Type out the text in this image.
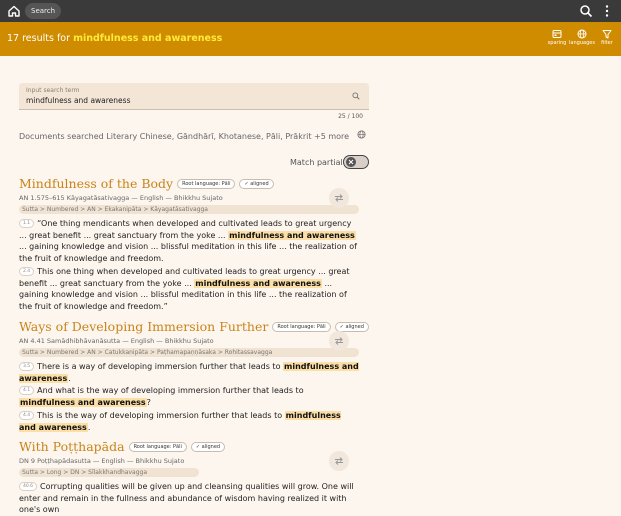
Search
17 results for mindfulness and awareness	sparing languages	filter
Input search term
mindfulness and awareness
25 / 100
Documents searched Literary Chinese, Gāndhārī, Khotanese, Pāli, Prākrit +5 more
Match partial
Mindfulness of the Body	Root language: Pāli	✓ aligned
AN 1.575–615 Kāyagatāsativagga — English — Bhikkhu Sujato
Sutta > Numbered > AN > Ekakanipāta > Kāyagatāsativagga
1.1 “One thing mendicants when developed and cultivated leads to great urgency ... great benefit ... great sanctuary from the yoke ... mindfulness and awareness ... gaining knowledge and vision ... blissful meditation in this life ... the realization of the fruit of knowledge and freedom.
2.4 This one thing when developed and cultivated leads to great urgency ... great benefit ... great sanctuary from the yoke ... mindfulness and awareness ... gaining knowledge and vision ... blissful meditation in this life ... the realization of the fruit of knowledge and freedom.”
Ways of Developing Immersion Further	Root language: Pāli	✓ aligned
AN 4.41 Samādhibhāvanāsutta — English — Bhikkhu Sujato
Sutta > Numbered > AN > Catukkanipāta > Paṭhamapaṇṇāsaka > Rohitassavagga
3.5 There is a way of developing immersion further that leads to mindfulness and awareness.
4.1 And what is the way of developing immersion further that leads to mindfulness and awareness?
4.4 This is the way of developing immersion further that leads to mindfulness and awareness.
With Poṭṭhapāda	Root language: Pāli	✓ aligned
DN 9 Poṭṭhapādasutta — English — Bhikkhu Sujato
Sutta > Long > DN > Sīlakkhandhavagga
40.6 Corrupting qualities will be given up and cleansing qualities will grow. One will enter and remain in the fullness and abundance of wisdom having realized it with one's own
